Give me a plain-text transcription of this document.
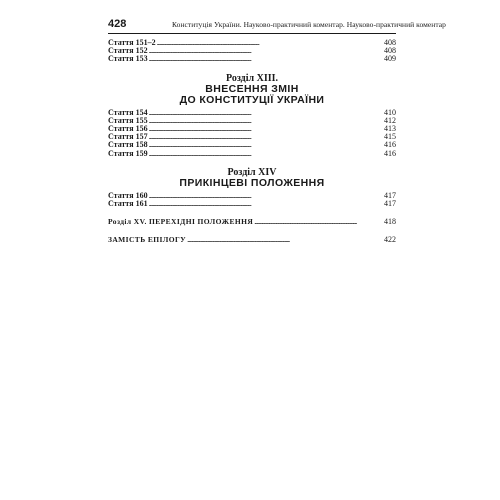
428	Конституція України. Науково-практичний коментар. Науково-практичний коментар
Стаття 151–2 . . .	408
Стаття 152 . . .	408
Стаття 153 . . .	409
Розділ XIII.
ВНЕСЕННЯ ЗМІН
ДО КОНСТИТУЦІЇ УКРАЇНИ
Стаття 154 . . .	410
Стаття 155 . . .	412
Стаття 156 . . .	413
Стаття 157 . . .	415
Стаття 158 . . .	416
Стаття 159 . . .	416
Розділ XIV
ПРИКІНЦЕВІ ПОЛОЖЕННЯ
Стаття 160 . . .	417
Стаття 161 . . .	417
Розділ XV. ПЕРЕХІДНІ ПОЛОЖЕННЯ . . .	418
ЗАМІСТЬ ЕПІЛОГУ . . .	422
